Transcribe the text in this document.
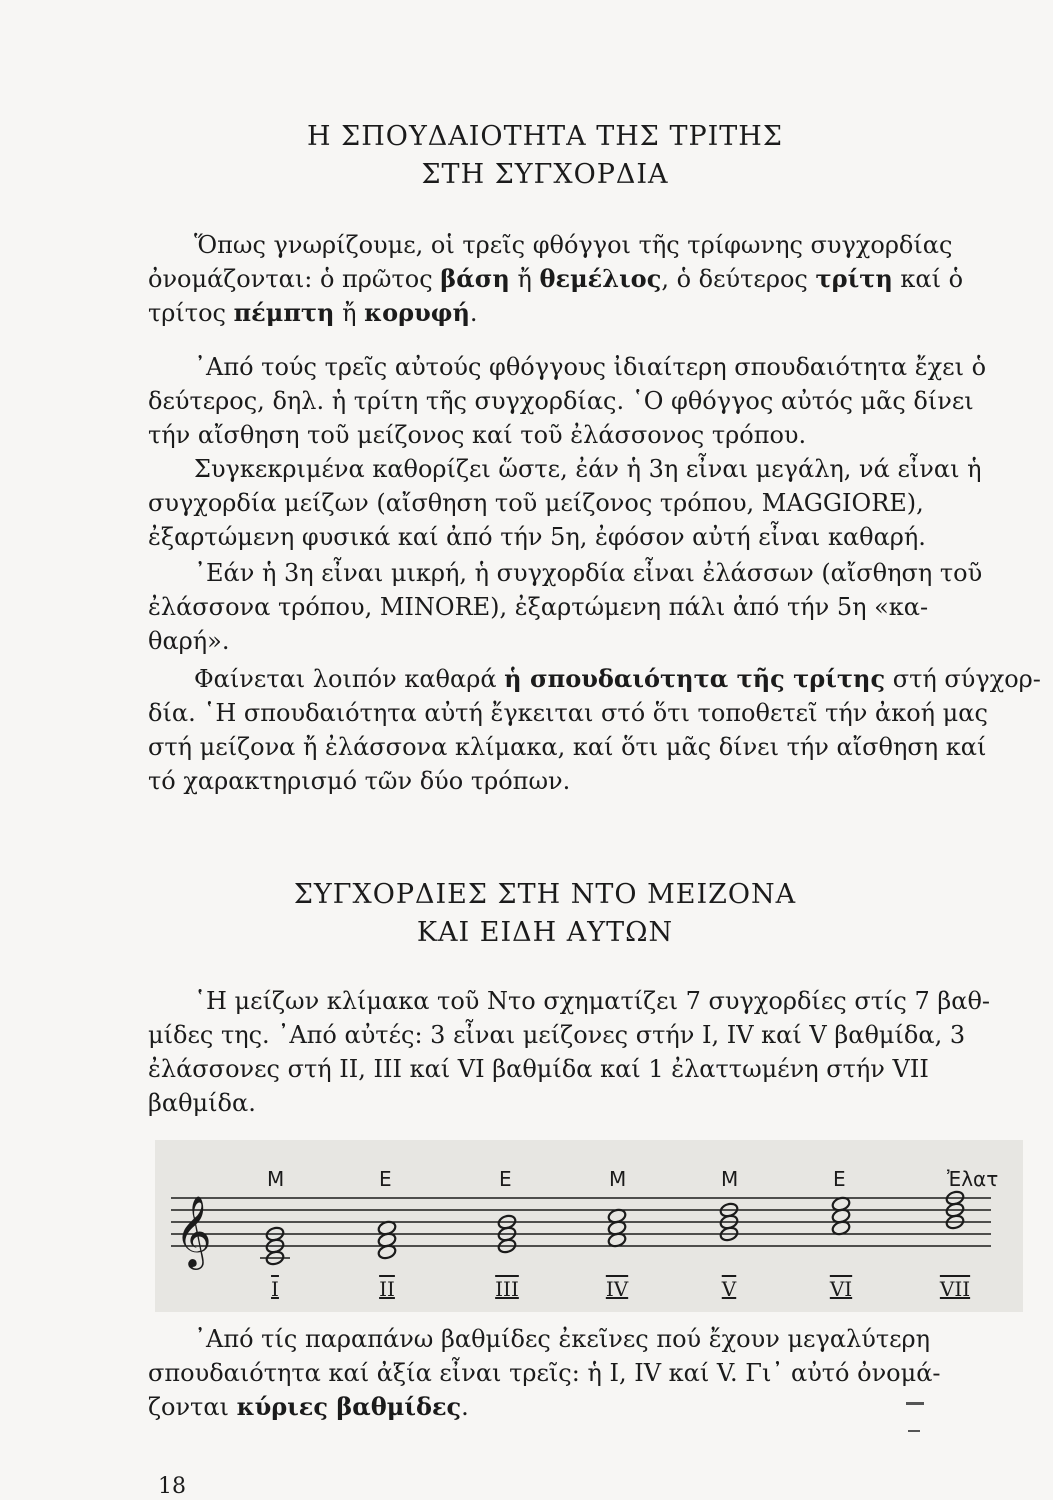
Η ΣΠΟΥΔΑΙΟΤΗΤΑ ΤΗΣ ΤΡΙΤΗΣ
ΣΤΗ ΣΥΓΧΟΡΔΙΑ
Ὅπως γνωρίζουμε, οἱ τρεῖς φθόγγοι τῆς τρίφωνης συγχορδίας
ὀνομάζονται: ὁ πρῶτος βάση ἤ θεμέλιος, ὁ δεύτερος τρίτη καί ὁ
τρίτος πέμπτη ἤ κορυφή.
᾿Από τούς τρεῖς αὐτούς φθόγγους ἰδιαίτερη σπουδαιότητα ἔχει ὁ
δεύτερος, δηλ. ἡ τρίτη τῆς συγχορδίας. ῾Ο φθόγγος αὐτός μᾶς δίνει
τήν αἴσθηση τοῦ μείζονος καί τοῦ ἐλάσσονος τρόπου.
Συγκεκριμένα καθορίζει ὥστε, ἐάν ἡ 3η εἶναι μεγάλη, νά εἶναι ἡ
συγχορδία μείζων (αἴσθηση τοῦ μείζονος τρόπου, MAGGIORE),
ἐξαρτώμενη φυσικά καί ἀπό τήν 5η, ἐφόσον αὐτή εἶναι καθαρή.
᾿Εάν ἡ 3η εἶναι μικρή, ἡ συγχορδία εἶναι ἐλάσσων (αἴσθηση τοῦ
ἐλάσσονα τρόπου, MINORE), ἐξαρτώμενη πάλι ἀπό τήν 5η «κα-
θαρή».
Φαίνεται λοιπόν καθαρά ἡ σπουδαιότητα τῆς τρίτης στή σύγχορ-
δία. ῾Η σπουδαιότητα αὐτή ἔγκειται στό ὅτι τοποθετεῖ τήν ἀκοή μας
στή μείζονα ἤ ἐλάσσονα κλίμακα, καί ὅτι μᾶς δίνει τήν αἴσθηση καί
τό χαρακτηρισμό τῶν δύο τρόπων.
ΣΥΓΧΟΡΔΙΕΣ ΣΤΗ ΝΤΟ ΜΕΙΖΟΝΑ
ΚΑΙ ΕΙΔΗ ΑΥΤΩΝ
῾Η μείζων κλίμακα τοῦ Ντο σχηματίζει 7 συγχορδίες στίς 7 βαθ-
μίδες της. ᾿Από αὐτές: 3 εἶναι μείζονες στήν I, IV καί V βαθμίδα, 3
ἐλάσσονες στή II, III καί VI βαθμίδα καί 1 ἐλαττωμένη στήν VII
βαθμίδα.
𝄞
Μ
I
Ε
II
Ε
III
Μ
IV
Μ
V
Ε
VI
Ἐλατ
VII
᾿Από τίς παραπάνω βαθμίδες ἐκεῖνες πού ἔχουν μεγαλύτερη
σπουδαιότητα καί ἀξία εἶναι τρεῖς: ἡ I, IV καί V. Γι᾿ αὐτό ὀνομά-
ζονται κύριες βαθμίδες.
18
